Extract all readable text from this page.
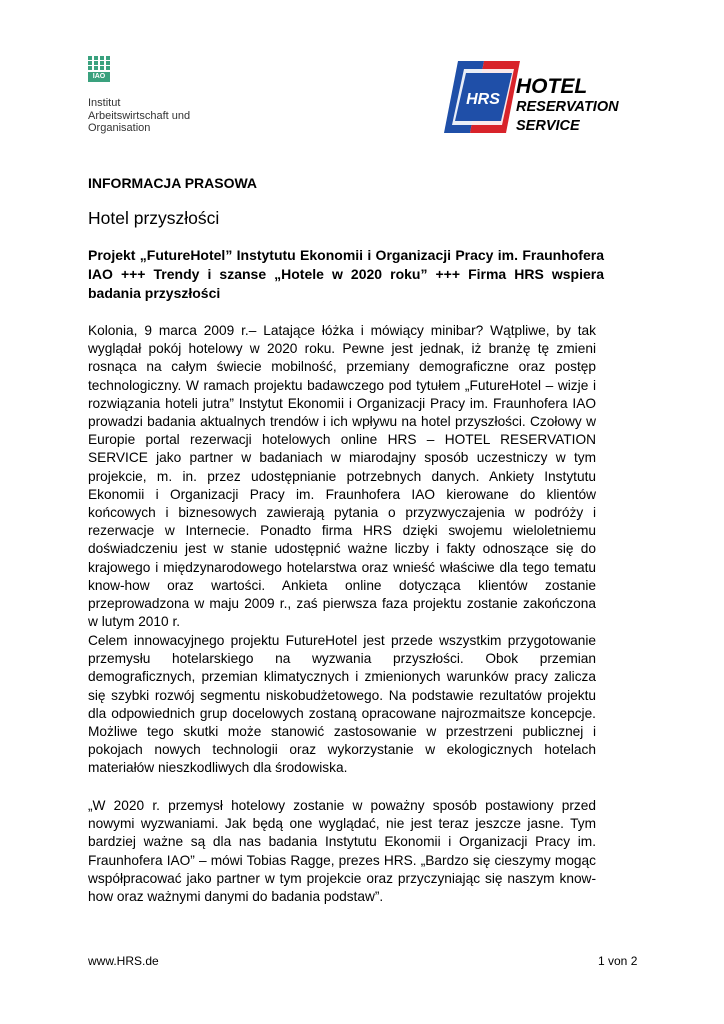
IAO
Institut
Arbeitswirtschaft und
Organisation
HRS
HOTEL
RESERVATION
SERVICE
INFORMACJA PRASOWA
Hotel przyszłości
Projekt „FutureHotel” Instytutu Ekonomii i Organizacji Pracy im. Fraunhofera IAO +++ Trendy i szanse „Hotele w 2020 roku” +++ Firma HRS wspiera badania przyszłości
Kolonia, 9 marca 2009 r.– Latające łóżka i mówiący minibar? Wątpliwe, by tak wyglądał pokój hotelowy w 2020 roku. Pewne jest jednak, iż branżę tę zmieni rosnąca na całym świecie mobilność, przemiany demograficzne oraz postęp technologiczny. W ramach projektu badawczego pod tytułem „FutureHotel – wizje i rozwiązania hoteli jutra” Instytut Ekonomii i Organizacji Pracy im. Fraunhofera IAO prowadzi badania aktualnych trendów i ich wpływu na hotel przyszłości. Czołowy w Europie portal rezerwacji hotelowych online HRS – HOTEL RESERVATION SERVICE jako partner w badaniach w miarodajny sposób uczestniczy w tym projekcie, m. in. przez udostępnianie potrzebnych danych. Ankiety Instytutu Ekonomii i Organizacji Pracy im. Fraunhofera IAO kierowane do klientów końcowych i biznesowych zawierają pytania o przyzwyczajenia w podróży i rezerwacje w Internecie. Ponadto firma HRS dzięki swojemu wieloletniemu doświadczeniu jest w stanie udostępnić ważne liczby i fakty odnoszące się do krajowego i międzynarodowego hotelarstwa oraz wnieść właściwe dla tego tematu know-how oraz wartości. Ankieta online dotycząca klientów zostanie przeprowadzona w maju 2009 r., zaś pierwsza faza projektu zostanie zakończona w lutym 2010 r.
Celem innowacyjnego projektu FutureHotel jest przede wszystkim przygotowanie przemysłu hotelarskiego na wyzwania przyszłości. Obok przemian demograficznych, przemian klimatycznych i zmienionych warunków pracy zalicza się szybki rozwój segmentu niskobudżetowego. Na podstawie rezultatów projektu dla odpowiednich grup docelowych zostaną opracowane najrozmaitsze koncepcje. Możliwe tego skutki może stanowić zastosowanie w przestrzeni publicznej i pokojach nowych technologii oraz wykorzystanie w ekologicznych hotelach materiałów nieszkodliwych dla środowiska.
„W 2020 r. przemysł hotelowy zostanie w poważny sposób postawiony przed nowymi wyzwaniami. Jak będą one wyglądać, nie jest teraz jeszcze jasne. Tym bardziej ważne są dla nas badania Instytutu Ekonomii i Organizacji Pracy im. Fraunhofera IAO” – mówi Tobias Ragge, prezes HRS. „Bardzo się cieszymy mogąc współpracować jako partner w tym projekcie oraz przyczyniając się naszym know-how oraz ważnymi danymi do badania podstaw”.
www.HRS.de	1 von 2
